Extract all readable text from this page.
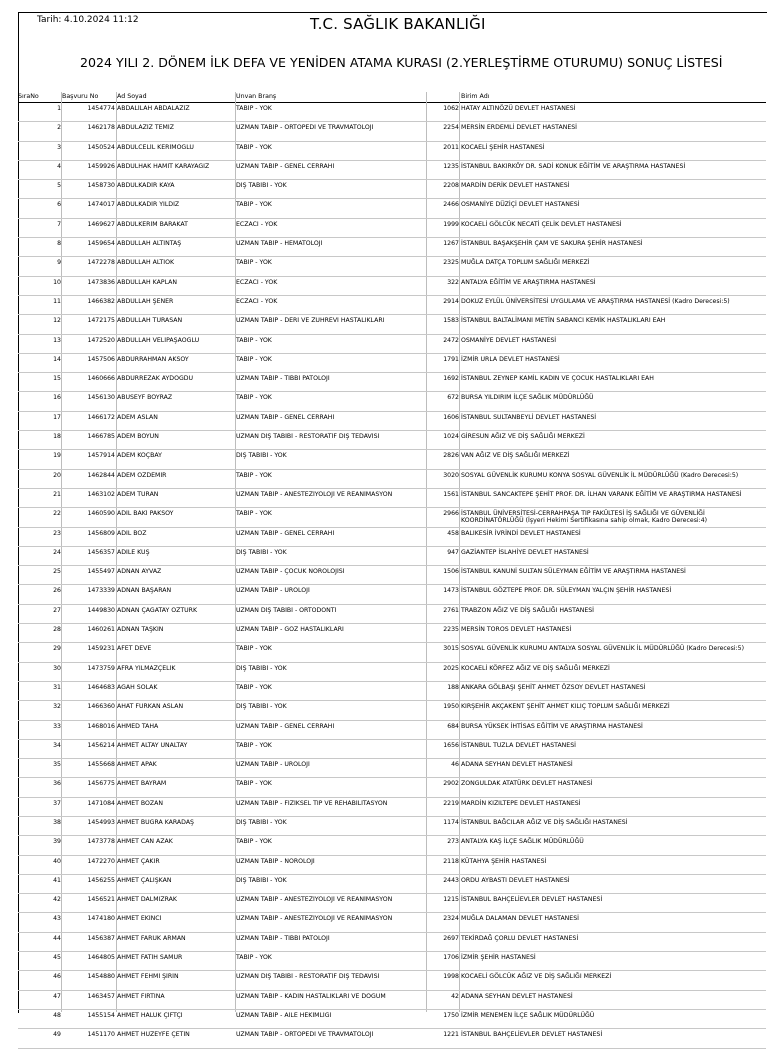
Tarih: 4.10.2024 11:12	T.C. SAĞLIK BAKANLIĞI
2024 YILI 2. DÖNEM İLK DEFA VE YENİDEN ATAMA KURASI (2.YERLEŞTİRME OTURUMU) SONUÇ LİSTESİ
SıraNo	Başvuru No	Ad Soyad	Unvan Branş	Birim Adı
1	1454774 ABDALİLAH ABDALAZİZ	TABİP - YOK	1062 HATAY ALTINÖZÜ DEVLET HASTANESİ
2	1462178 ABDULAZİZ TEMİZ	UZMAN TABİP - ORTOPEDİ VE TRAVMATOLOJİ	2254 MERSİN ERDEMLİ DEVLET HASTANESİ
3	1450524 ABDULCELİL KERİMOĞLU	TABİP - YOK	2011 KOCAELİ ŞEHİR HASTANESİ
4	1459926 ABDULHAK HAMİT KARAYAĞIZ	UZMAN TABİP - GENEL CERRAHİ	1235 İSTANBUL BAKIRKÖY DR. SADİ KONUK EĞİTİM VE ARAŞTIRMA HASTANESİ
5	1458730 ABDULKADİR KAYA	DİŞ TABİBİ - YOK	2208 MARDİN DERİK DEVLET HASTANESİ
6	1474017 ABDULKADİR YILDIZ	TABİP - YOK	2466 OSMANİYE DÜZİÇİ DEVLET HASTANESİ
7	1469627 ABDULKERİM BARAKAT	ECZACI - YOK	1999 KOCAELİ GÖLCÜK NECATİ ÇELİK DEVLET HASTANESİ
8	1459654 ABDULLAH ALTINTAŞ	UZMAN TABİP - HEMATOLOJİ	1267 İSTANBUL BAŞAKŞEHİR ÇAM VE SAKURA ŞEHİR HASTANESİ
9	1472278 ABDULLAH ALTIOK	TABİP - YOK	2325 MUĞLA DATÇA TOPLUM SAĞLIĞI MERKEZİ
10	1473836 ABDULLAH KAPLAN	ECZACI - YOK	322 ANTALYA EĞİTİM VE ARAŞTIRMA HASTANESİ
11	1466382 ABDULLAH ŞENER	ECZACI - YOK	2914 DOKUZ EYLÜL ÜNİVERSİTESİ UYGULAMA VE ARAŞTIRMA HASTANESİ (Kadro Derecesi:5)
12	1472175 ABDULLAH TURASAN	UZMAN TABİP - DERİ VE ZÜHREVİ HASTALIKLARI	1583 İSTANBUL BALTALİMANI METİN SABANCI KEMİK HASTALIKLARI EAH
13	1472520 ABDULLAH VELİPAŞAOĞLU	TABİP - YOK	2472 OSMANİYE DEVLET HASTANESİ
14	1457506 ABDURRAHMAN AKSOY	TABİP - YOK	1791 İZMİR URLA DEVLET HASTANESİ
15	1460666 ABDURREZAK AYDOĞDU	UZMAN TABİP - TIBBİ PATOLOJİ	1692 İSTANBUL ZEYNEP KAMİL KADIN VE ÇOCUK HASTALIKLARI EAH
16	1456130 ABUSEYF BOYRAZ	TABİP - YOK	672 BURSA YILDIRIM İLÇE SAĞLIK MÜDÜRLÜĞÜ
17	1466172 ADEM ASLAN	UZMAN TABİP - GENEL CERRAHİ	1606 İSTANBUL SULTANBEYLİ DEVLET HASTANESİ
18	1466785 ADEM BOYUN	UZMAN DİŞ TABİBİ - RESTORATİF DİŞ TEDAVİSİ	1024 GİRESUN AĞIZ VE DİŞ SAĞLIĞI MERKEZİ
19	1457914 ADEM KOÇBAY	DİŞ TABİBİ - YOK	2826 VAN AĞIZ VE DİŞ SAĞLIĞI MERKEZİ
20	1462844 ADEM ÖZDEMİR	TABİP - YOK	3020 SOSYAL GÜVENLİK KURUMU KONYA SOSYAL GÜVENLİK İL MÜDÜRLÜĞÜ (Kadro Derecesi:5)
21	1463102 ADEM TURAN	UZMAN TABİP - ANESTEZİYOLOJİ VE REANİMASYON	1561 İSTANBUL SANCAKTEPE ŞEHİT PROF. DR. İLHAN VARANK EĞİTİM VE ARAŞTIRMA HASTANESİ
22	1460590 ADİL BAKİ PAKSOY	TABİP - YOK	2966 İSTANBUL ÜNİVERSİTESİ-CERRAHPAŞA TIP FAKÜLTESİ İŞ SAĞLIĞI VE GÜVENLİĞİ KOORDİNATÖRLÜĞÜ (İşyeri Hekimi Sertifikasına sahip olmak, Kadro Derecesi:4)
23	1456809 ADİL BOZ	UZMAN TABİP - GENEL CERRAHİ	458 BALIKESİR İVRİNDİ DEVLET HASTANESİ
24	1456357 ADİLE KUŞ	DİŞ TABİBİ - YOK	947 GAZİANTEP İSLAHİYE DEVLET HASTANESİ
25	1455497 ADNAN AYVAZ	UZMAN TABİP - ÇOCUK NÖROLOJİSİ	1506 İSTANBUL KANUNİ SULTAN SÜLEYMAN EĞİTİM VE ARAŞTIRMA HASTANESİ
26	1473339 ADNAN BAŞARAN	UZMAN TABİP - ÜROLOJİ	1473 İSTANBUL GÖZTEPE PROF. DR. SÜLEYMAN YALÇIN ŞEHİR HASTANESİ
27	1449830 ADNAN ÇAĞATAY ÖZTÜRK	UZMAN DİŞ TABİBİ - ORTODONTİ	2761 TRABZON AĞIZ VE DİŞ SAĞLIĞI HASTANESİ
28	1460261 ADNAN TAŞKIN	UZMAN TABİP - GÖZ HASTALIKLARI	2235 MERSİN TOROS DEVLET HASTANESİ
29	1459231 AFET DEVE	TABİP - YOK	3015 SOSYAL GÜVENLİK KURUMU ANTALYA SOSYAL GÜVENLİK İL MÜDÜRLÜĞÜ (Kadro Derecesi:5)
30	1473759 AFRA YILMAZÇELİK	DİŞ TABİBİ - YOK	2025 KOCAELİ KÖRFEZ AĞIZ VE DİŞ SAĞLIĞI MERKEZİ
31	1464683 AGAH SOLAK	TABİP - YOK	188 ANKARA GÖLBAŞI ŞEHİT AHMET ÖZSOY DEVLET HASTANESİ
32	1466360 AHAT FURKAN ASLAN	DİŞ TABİBİ - YOK	1950 KIRŞEHİR AKÇAKENT ŞEHİT AHMET KILIÇ TOPLUM SAĞLIĞI MERKEZİ
33	1468016 AHMED TAHA	UZMAN TABİP - GENEL CERRAHİ	684 BURSA YÜKSEK İHTİSAS EĞİTİM VE ARAŞTIRMA HASTANESİ
34	1456214 AHMET ALTAY ÜNALTAY	TABİP - YOK	1656 İSTANBUL TUZLA DEVLET HASTANESİ
35	1455668 AHMET APAK	UZMAN TABİP - ÜROLOJİ	46 ADANA SEYHAN DEVLET HASTANESİ
36	1456775 AHMET BAYRAM	TABİP - YOK	2902 ZONGULDAK ATATÜRK DEVLET HASTANESİ
37	1471084 AHMET BOZAN	UZMAN TABİP - FİZİKSEL TIP VE REHABİLİTASYON	2219 MARDİN KIZILTEPE DEVLET HASTANESİ
38	1454993 AHMET BUĞRA KARADAŞ	DİŞ TABİBİ - YOK	1174 İSTANBUL BAĞCILAR AĞIZ VE DİŞ SAĞLIĞI HASTANESİ
39	1473778 AHMET CAN AZAK	TABİP - YOK	273 ANTALYA KAŞ İLÇE SAĞLIK MÜDÜRLÜĞÜ
40	1472270 AHMET ÇAKIR	UZMAN TABİP - NÖROLOJİ	2118 KÜTAHYA ŞEHİR HASTANESİ
41	1456255 AHMET ÇALIŞKAN	DİŞ TABİBİ - YOK	2443 ORDU AYBASTI DEVLET HASTANESİ
42	1456521 AHMET DALMIZRAK	UZMAN TABİP - ANESTEZİYOLOJİ VE REANİMASYON	1215 İSTANBUL BAHÇELİEVLER DEVLET HASTANESİ
43	1474180 AHMET EKİNCİ	UZMAN TABİP - ANESTEZİYOLOJİ VE REANİMASYON	2324 MUĞLA DALAMAN DEVLET HASTANESİ
44	1456387 AHMET FARUK ARMAN	UZMAN TABİP - TIBBİ PATOLOJİ	2697 TEKİRDAĞ ÇORLU DEVLET HASTANESİ
45	1464805 AHMET FATİH SAMUR	TABİP - YOK	1706 İZMİR ŞEHİR HASTANESİ
46	1454880 AHMET FEHMİ ŞİRİN	UZMAN DİŞ TABİBİ - RESTORATİF DİŞ TEDAVİSİ	1998 KOCAELİ GÖLCÜK AĞIZ VE DİŞ SAĞLIĞI MERKEZİ
47	1463457 AHMET FIRTINA	UZMAN TABİP - KADIN HASTALIKLARI VE DOĞUM	42 ADANA SEYHAN DEVLET HASTANESİ
48	1455154 AHMET HALUK ÇİFTÇİ	UZMAN TABİP - AİLE HEKİMLİĞİ	1750 İZMİR MENEMEN İLÇE SAĞLIK MÜDÜRLÜĞÜ
49	1451170 AHMET HUZEYFE ÇETİN	UZMAN TABİP - ORTOPEDİ VE TRAVMATOLOJİ	1221 İSTANBUL BAHÇELİEVLER DEVLET HASTANESİ
